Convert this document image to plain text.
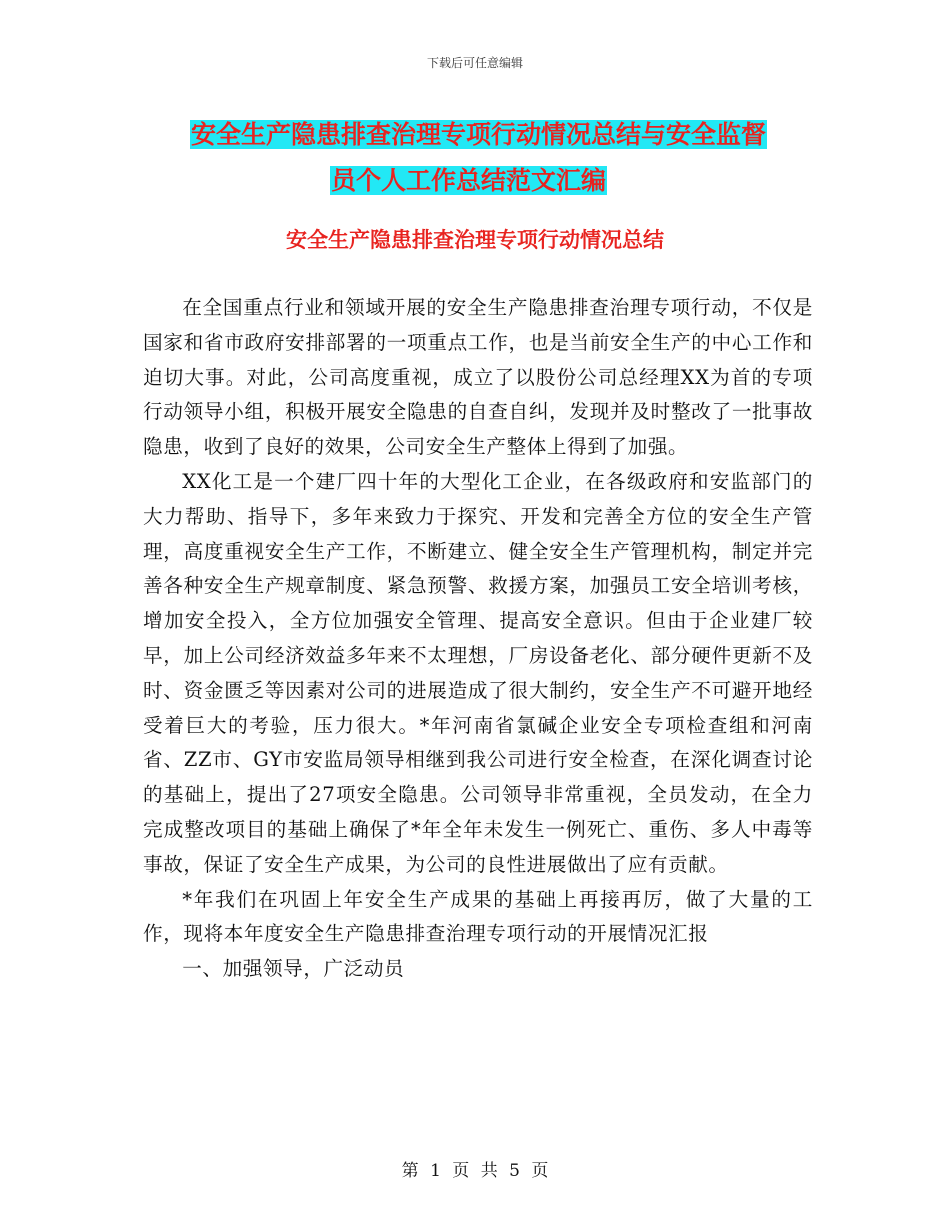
下载后可任意编辑
安全生产隐患排查治理专项行动情况总结与安全监督
员个人工作总结范文汇编
安全生产隐患排查治理专项行动情况总结

在全国重点行业和领域开展的安全生产隐患排查治理专项行动，不仅是国家和省市政府安排部署的一项重点工作，也是当前安全生产的中心工作和迫切大事。对此，公司高度重视，成立了以股份公司总经理XX为首的专项行动领导小组，积极开展安全隐患的自查自纠，发现并及时整改了一批事故隐患，收到了良好的效果，公司安全生产整体上得到了加强。

XX化工是一个建厂四十年的大型化工企业，在各级政府和安监部门的大力帮助、指导下，多年来致力于探究、开发和完善全方位的安全生产管理，高度重视安全生产工作，不断建立、健全安全生产管理机构，制定并完善各种安全生产规章制度、紧急预警、救援方案，加强员工安全培训考核，增加安全投入，全方位加强安全管理、提高安全意识。但由于企业建厂较早，加上公司经济效益多年来不太理想，厂房设备老化、部分硬件更新不及时、资金匮乏等因素对公司的进展造成了很大制约，安全生产不可避开地经受着巨大的考验，压力很大。*年河南省氯碱企业安全专项检查组和河南省、ZZ市、GY市安监局领导相继到我公司进行安全检查，在深化调查讨论的基础上，提出了27项安全隐患。公司领导非常重视，全员发动，在全力完成整改项目的基础上确保了*年全年未发生一例死亡、重伤、多人中毒等事故，保证了安全生产成果，为公司的良性进展做出了应有贡献。

*年我们在巩固上年安全生产成果的基础上再接再厉，做了大量的工作，现将本年度安全生产隐患排查治理专项行动的开展情况汇报

一、加强领导，广泛动员

第 1 页 共 5 页
